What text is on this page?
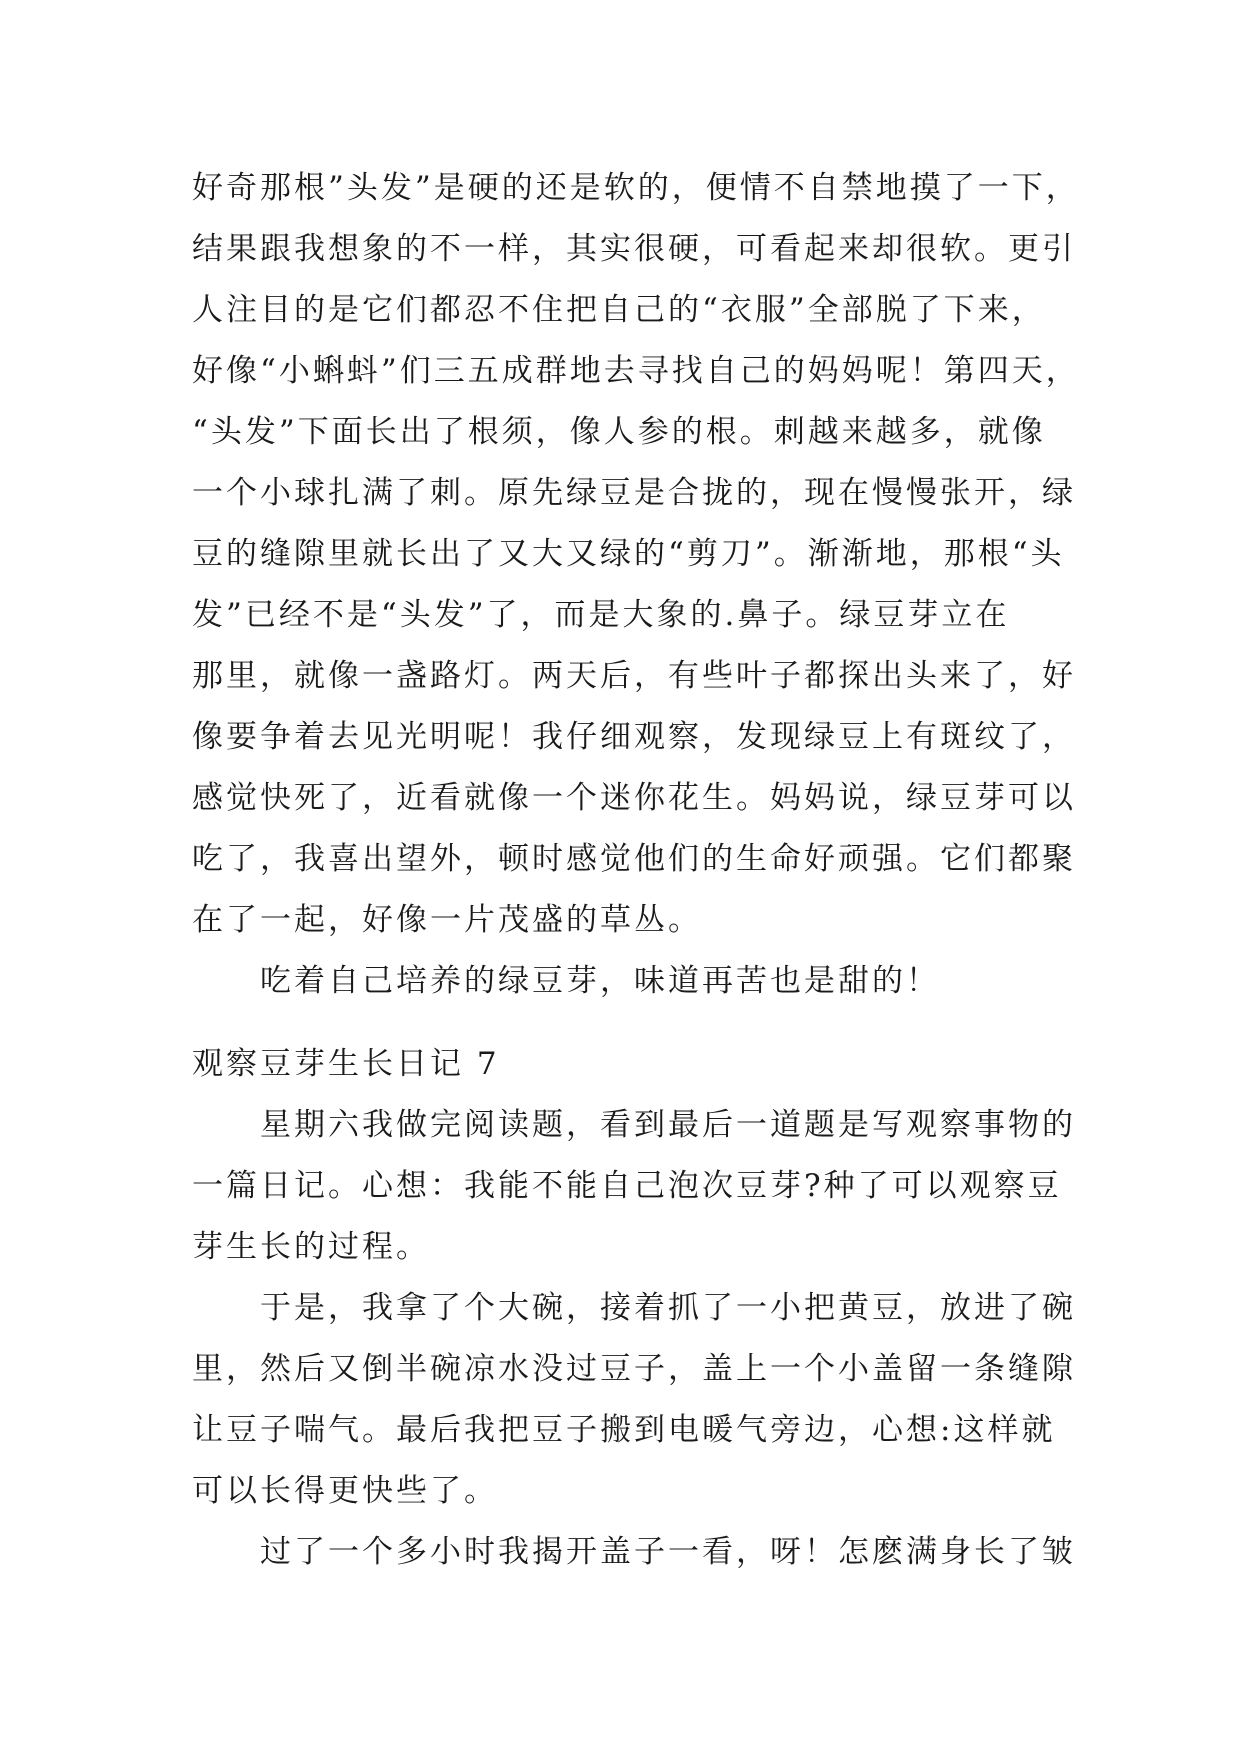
好奇那根”头发”是硬的还是软的，便情不自禁地摸了一下，
结果跟我想象的不一样，其实很硬，可看起来却很软。更引
人注目的是它们都忍不住把自己的“衣服”全部脱了下来，
好像“小蝌蚪”们三五成群地去寻找自己的妈妈呢！第四天，
“头发”下面长出了根须，像人参的根。刺越来越多，就像
一个小球扎满了刺。原先绿豆是合拢的，现在慢慢张开，绿
豆的缝隙里就长出了又大又绿的“剪刀”。渐渐地，那根“头
发”已经不是“头发”了，而是大象的.鼻子。绿豆芽立在
那里，就像一盏路灯。两天后，有些叶子都探出头来了，好
像要争着去见光明呢！我仔细观察，发现绿豆上有斑纹了，
感觉快死了，近看就像一个迷你花生。妈妈说，绿豆芽可以
吃了，我喜出望外，顿时感觉他们的生命好顽强。它们都聚
在了一起，好像一片茂盛的草丛。
吃着自己培养的绿豆芽，味道再苦也是甜的！
观察豆芽生长日记 7
星期六我做完阅读题，看到最后一道题是写观察事物的
一篇日记。心想：我能不能自己泡次豆芽?种了可以观察豆
芽生长的过程。
于是，我拿了个大碗，接着抓了一小把黄豆，放进了碗
里，然后又倒半碗凉水没过豆子，盖上一个小盖留一条缝隙
让豆子喘气。最后我把豆子搬到电暖气旁边，心想:这样就
可以长得更快些了。
过了一个多小时我揭开盖子一看，呀！怎麽满身长了皱
